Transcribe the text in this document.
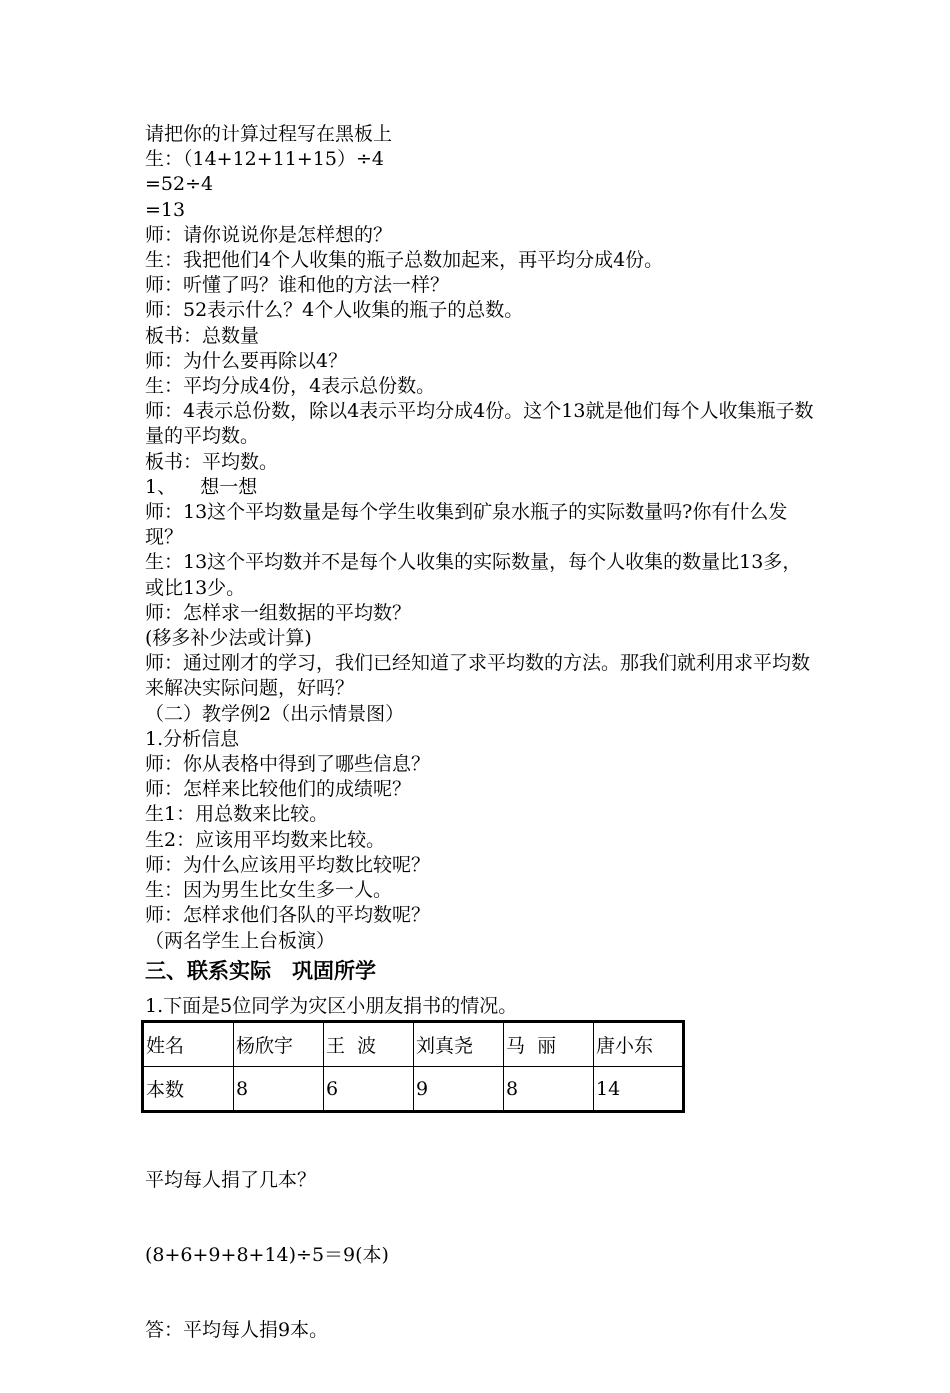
请把你的计算过程写在黑板上
生：（14+12+11+15）÷4
=52÷4
=13
师：请你说说你是怎样想的？
生：我把他们4个人收集的瓶子总数加起来，再平均分成4份。
师：听懂了吗？谁和他的方法一样？
师：52表示什么？4个人收集的瓶子的总数。
板书：总数量
师：为什么要再除以4？
生：平均分成4份，4表示总份数。
师：4表示总份数，除以4表示平均分成4份。这个13就是他们每个人收集瓶子数量的平均数。
板书：平均数。
1、    想一想
师：13这个平均数量是每个学生收集到矿泉水瓶子的实际数量吗?你有什么发现？
生：13这个平均数并不是每个人收集的实际数量，每个人收集的数量比13多，或比13少。
师：怎样求一组数据的平均数？
(移多补少法或计算)
师：通过刚才的学习，我们已经知道了求平均数的方法。那我们就利用求平均数来解决实际问题，好吗？
（二）教学例2（出示情景图）
1.分析信息
师：你从表格中得到了哪些信息？
师：怎样来比较他们的成绩呢？
生1：用总数来比较。
生2：应该用平均数来比较。
师：为什么应该用平均数比较呢？
生：因为男生比女生多一人。
师：怎样求他们各队的平均数呢？
（两名学生上台板演）
三、联系实际　巩固所学
1.下面是5位同学为灾区小朋友捐书的情况。
姓名	杨欣宇	王  波	刘真尧	马  丽	唐小东
本数	8	6	9	8	14

平均每人捐了几本？

(8+6+9+8+14)÷5＝9(本)

答：平均每人捐9本。
